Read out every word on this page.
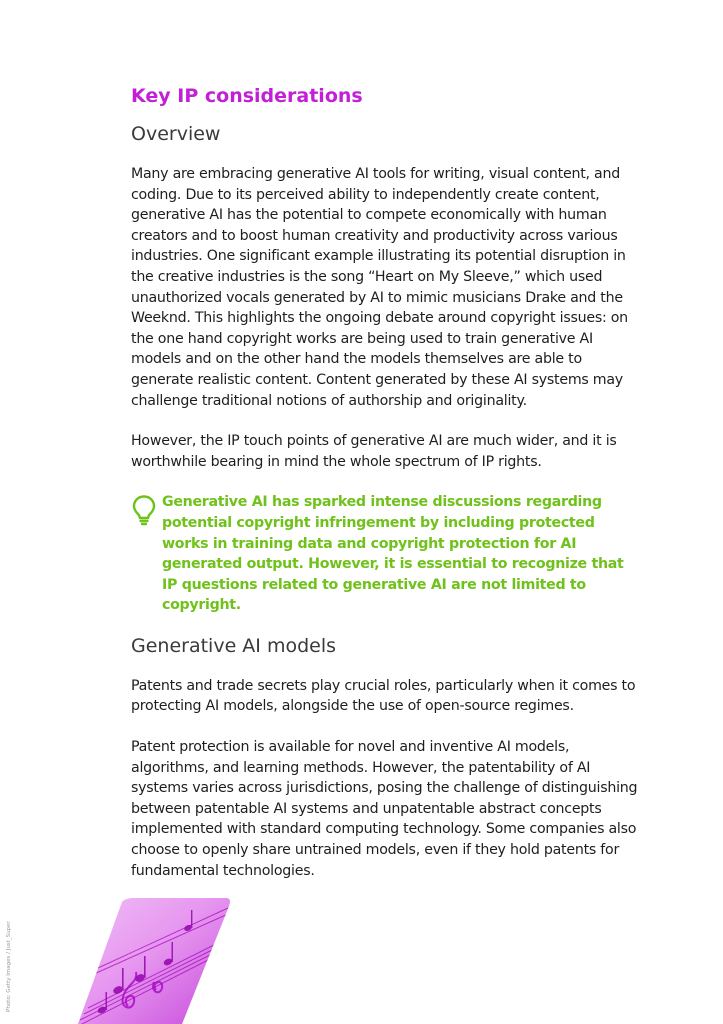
Key IP considerations
Overview

Many are embracing generative AI tools for writing, visual content, and coding. Due to its perceived ability to independently create content, generative AI has the potential to compete economically with human creators and to boost human creativity and productivity across various industries. One significant example illustrating its potential disruption in the creative industries is the song “Heart on My Sleeve,” which used unauthorized vocals generated by AI to mimic musicians Drake and the Weeknd. This highlights the ongoing debate around copyright issues: on the one hand copyright works are being used to train generative AI models and on the other hand the models themselves are able to generate realistic content. Content generated by these AI systems may challenge traditional notions of authorship and originality.

However, the IP touch points of generative AI are much wider, and it is worthwhile bearing in mind the whole spectrum of IP rights.

Generative AI has sparked intense discussions regarding potential copyright infringement by including protected works in training data and copyright protection for AI generated output. However, it is essential to recognize that IP questions related to generative AI are not limited to copyright.
Generative AI models

Patents and trade secrets play crucial roles, particularly when it comes to protecting AI models, alongside the use of open-source regimes.

Patent protection is available for novel and inventive AI models, algorithms, and learning methods. However, the patentability of AI systems varies across jurisdictions, posing the challenge of distinguishing between patentable AI systems and unpatentable abstract concepts implemented with standard computing technology. Some companies also choose to openly share untrained models, even if they hold patents for fundamental technologies.

Photo: Getty Images / Just_Super
